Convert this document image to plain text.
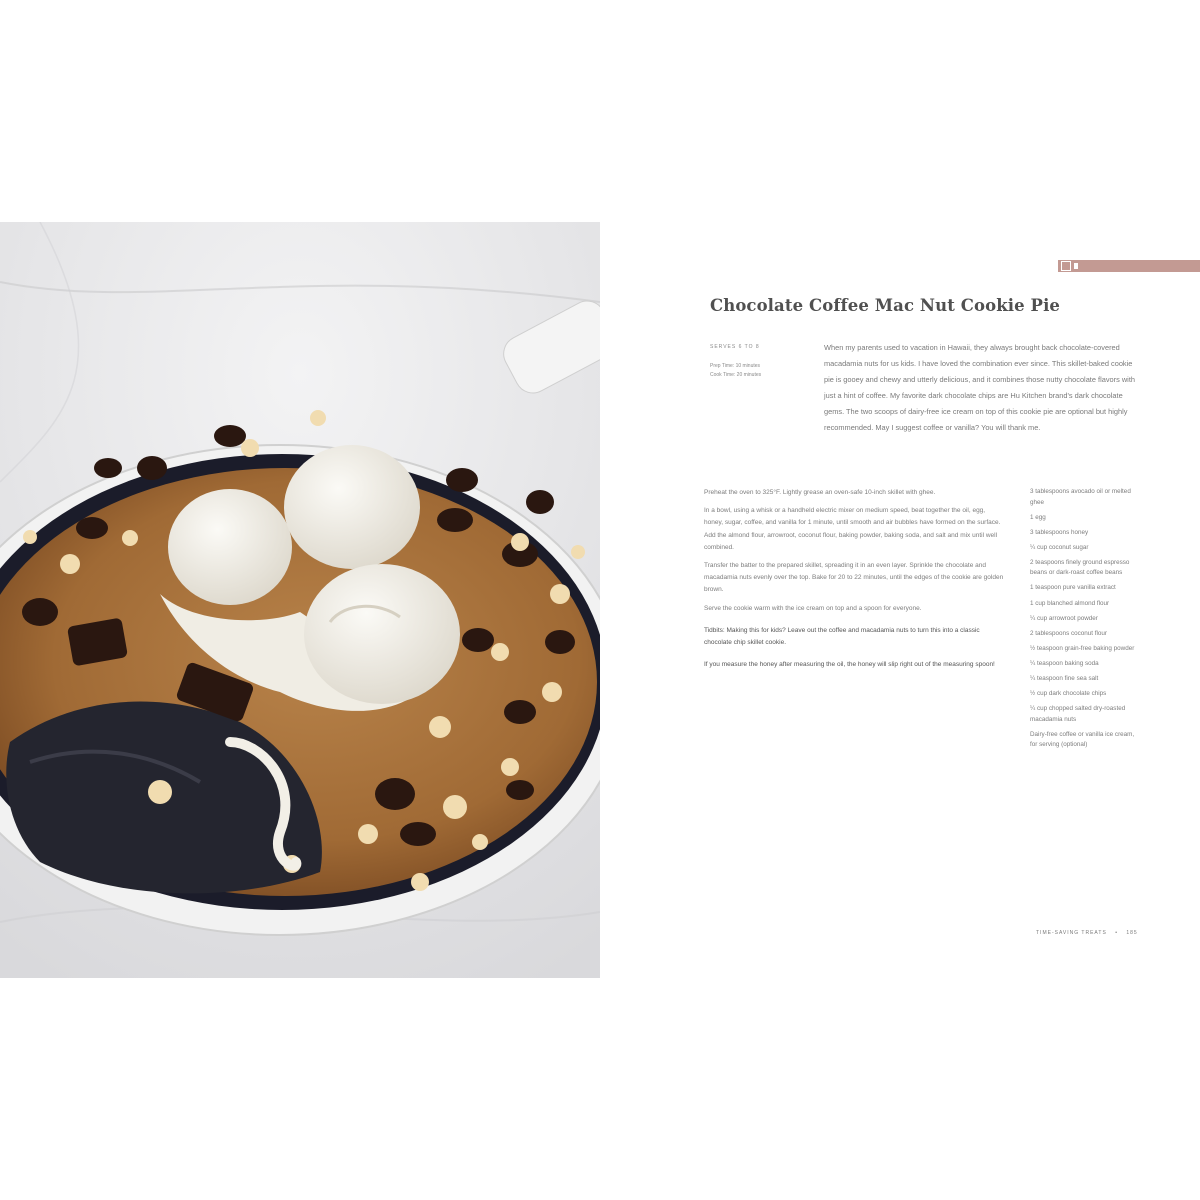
Chocolate Coffee Mac Nut Cookie Pie
SERVES 6 TO 8
Prep Time: 10 minutes
Cook Time: 20 minutes

When my parents used to vacation in Hawaii, they always brought back chocolate-covered macadamia nuts for us kids. I have loved the combination ever since. This skillet-baked cookie pie is gooey and chewy and utterly delicious, and it combines those nutty chocolate flavors with just a hint of coffee. My favorite dark chocolate chips are Hu Kitchen brand's dark chocolate gems. The two scoops of dairy-free ice cream on top of this cookie pie are optional but highly recommended. May I suggest coffee or vanilla? You will thank me.

Preheat the oven to 325°F. Lightly grease an oven-safe 10-inch skillet with ghee.

In a bowl, using a whisk or a handheld electric mixer on medium speed, beat together the oil, egg, honey, sugar, coffee, and vanilla for 1 minute, until smooth and air bubbles have formed on the surface. Add the almond flour, arrowroot, coconut flour, baking powder, baking soda, and salt and mix until well combined.

Transfer the batter to the prepared skillet, spreading it in an even layer. Sprinkle the chocolate and macadamia nuts evenly over the top. Bake for 20 to 22 minutes, until the edges of the cookie are golden brown.

Serve the cookie warm with the ice cream on top and a spoon for everyone.

Tidbits: Making this for kids? Leave out the coffee and macadamia nuts to turn this into a classic chocolate chip skillet cookie.

If you measure the honey after measuring the oil, the honey will slip right out of the measuring spoon!

3 tablespoons avocado oil or melted ghee
1 egg
3 tablespoons honey
¼ cup coconut sugar
2 teaspoons finely ground espresso beans or dark-roast coffee beans
1 teaspoon pure vanilla extract
1 cup blanched almond flour
¼ cup arrowroot powder
2 tablespoons coconut flour
½ teaspoon grain-free baking powder
¼ teaspoon baking soda
¼ teaspoon fine sea salt
½ cup dark chocolate chips
¼ cup chopped salted dry-roasted macadamia nuts
Dairy-free coffee or vanilla ice cream, for serving (optional)
TIME-SAVING TREATS • 185
